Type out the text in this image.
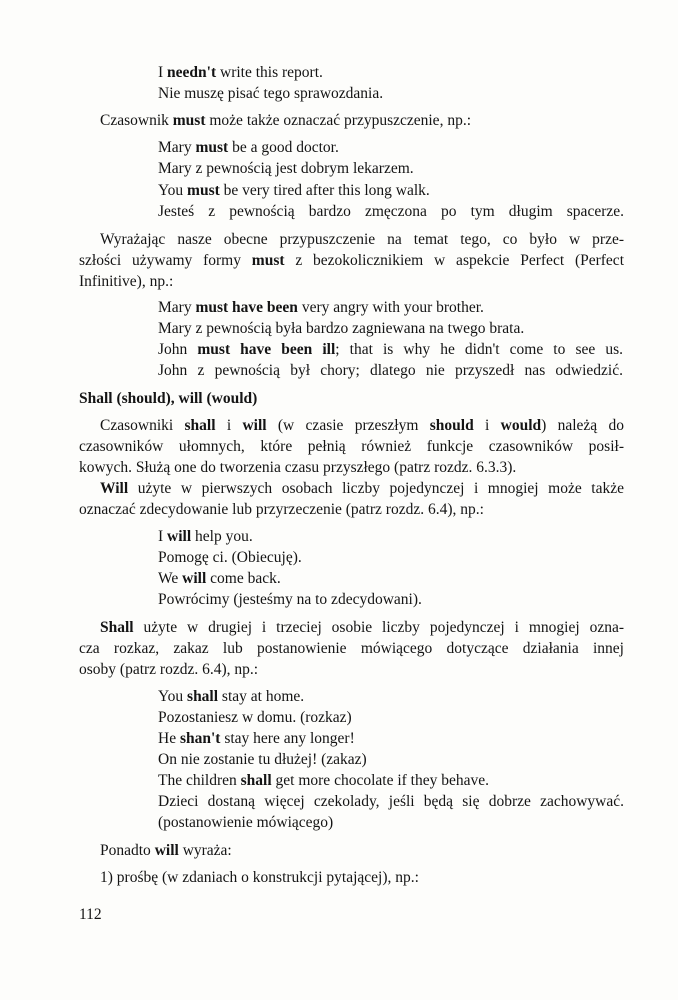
I needn't write this report.
Nie muszę pisać tego sprawozdania.
Czasownik must może także oznaczać przypuszczenie, np.:
Mary must be a good doctor.
Mary z pewnością jest dobrym lekarzem.
You must be very tired after this long walk.
Jesteś z pewnością bardzo zmęczona po tym długim spacerze.
Wyrażając nasze obecne przypuszczenie na temat tego, co było w prze-
szłości używamy formy must z bezokolicznikiem w aspekcie Perfect (Perfect
Infinitive), np.:
Mary must have been very angry with your brother.
Mary z pewnością była bardzo zagniewana na twego brata.
John must have been ill; that is why he didn't come to see us.
John z pewnością był chory; dlatego nie przyszedł nas odwiedzić.
Shall (should), will (would)
Czasowniki shall i will (w czasie przeszłym should i would) należą do
czasowników ułomnych, które pełnią również funkcje czasowników posił-
kowych. Służą one do tworzenia czasu przyszłego (patrz rozdz. 6.3.3).
Will użyte w pierwszych osobach liczby pojedynczej i mnogiej może także
oznaczać zdecydowanie lub przyrzeczenie (patrz rozdz. 6.4), np.:
I will help you.
Pomogę ci. (Obiecuję).
We will come back.
Powrócimy (jesteśmy na to zdecydowani).
Shall użyte w drugiej i trzeciej osobie liczby pojedynczej i mnogiej ozna-
cza rozkaz, zakaz lub postanowienie mówiącego dotyczące działania innej
osoby (patrz rozdz. 6.4), np.:
You shall stay at home.
Pozostaniesz w domu. (rozkaz)
He shan't stay here any longer!
On nie zostanie tu dłużej! (zakaz)
The children shall get more chocolate if they behave.
Dzieci dostaną więcej czekolady, jeśli będą się dobrze zachowywać.
(postanowienie mówiącego)
Ponadto will wyraża:
1) prośbę (w zdaniach o konstrukcji pytającej), np.:
112
